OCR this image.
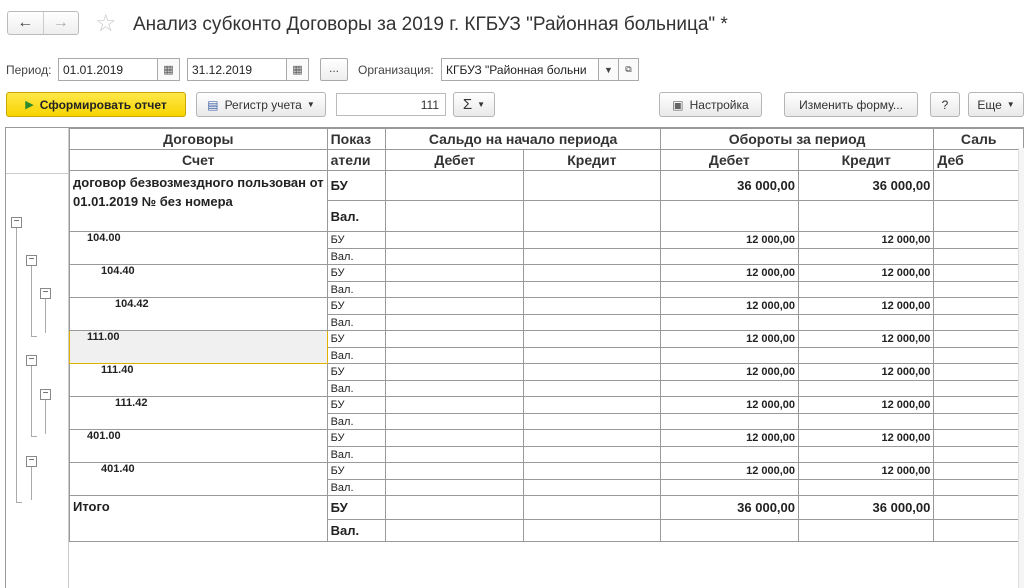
← → ☆ Анализ субконто Договоры за 2019 г. КГБУЗ "Районная больница" *
Период: 01.01.2019	▦	31.12.2019	▦	...	Организация:	КГБУЗ "Районная больни	▼	⧉
▶ Сформировать отчет	▤ Регистр учета ▼	111	Σ ▼	▣ Настройка	Изменить форму...	?	Еще ▼
−
−
−
−
−
−
Договоры	Показ	Сальдо на начало периода		Обороты за период		Саль
Счет	атели	Дебет	Кредит	Дебет	Кредит	Деб
договор безвозмездного пользован от 01.01.2019 № без номера	БУ			36 000,00	36 000,00	
	Вал.					
104.00	БУ			12 000,00	12 000,00	
	Вал.					
104.40	БУ			12 000,00	12 000,00	
	Вал.					
104.42	БУ			12 000,00	12 000,00	
	Вал.					
111.00	БУ			12 000,00	12 000,00	
	Вал.					
111.40	БУ			12 000,00	12 000,00	
	Вал.					
111.42	БУ			12 000,00	12 000,00	
	Вал.					
401.00	БУ			12 000,00	12 000,00	
	Вал.					
401.40	БУ			12 000,00	12 000,00	
	Вал.					
Итого	БУ			36 000,00	36 000,00	
	Вал.					
